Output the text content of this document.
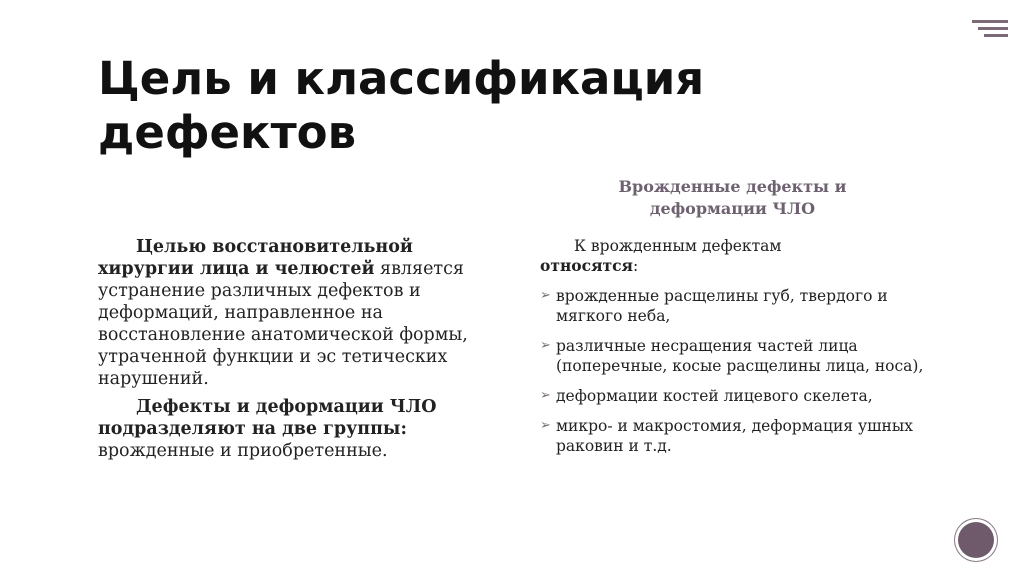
Цель и классификация
дефектов

Целью восстановительной хирургии лица и челюстей является устранение различных дефектов и деформаций, направленное на восстановление анатомической формы, утраченной функции и эс тетических нарушений.

Дефекты и деформации ЧЛО подразделяют на две группы: врожденные и приобретенные.

Врожденные дефекты и деформации ЧЛО

К врожденным дефектам
относятся:

➢ врожденные расщелины губ, твердого и мягкого неба,
➢ различные несращения частей лица (поперечные, косые расщелины лица, носа),
➢ деформации костей лицевого скелета,
➢ микро- и макростомия, деформация ушных раковин и т.д.
